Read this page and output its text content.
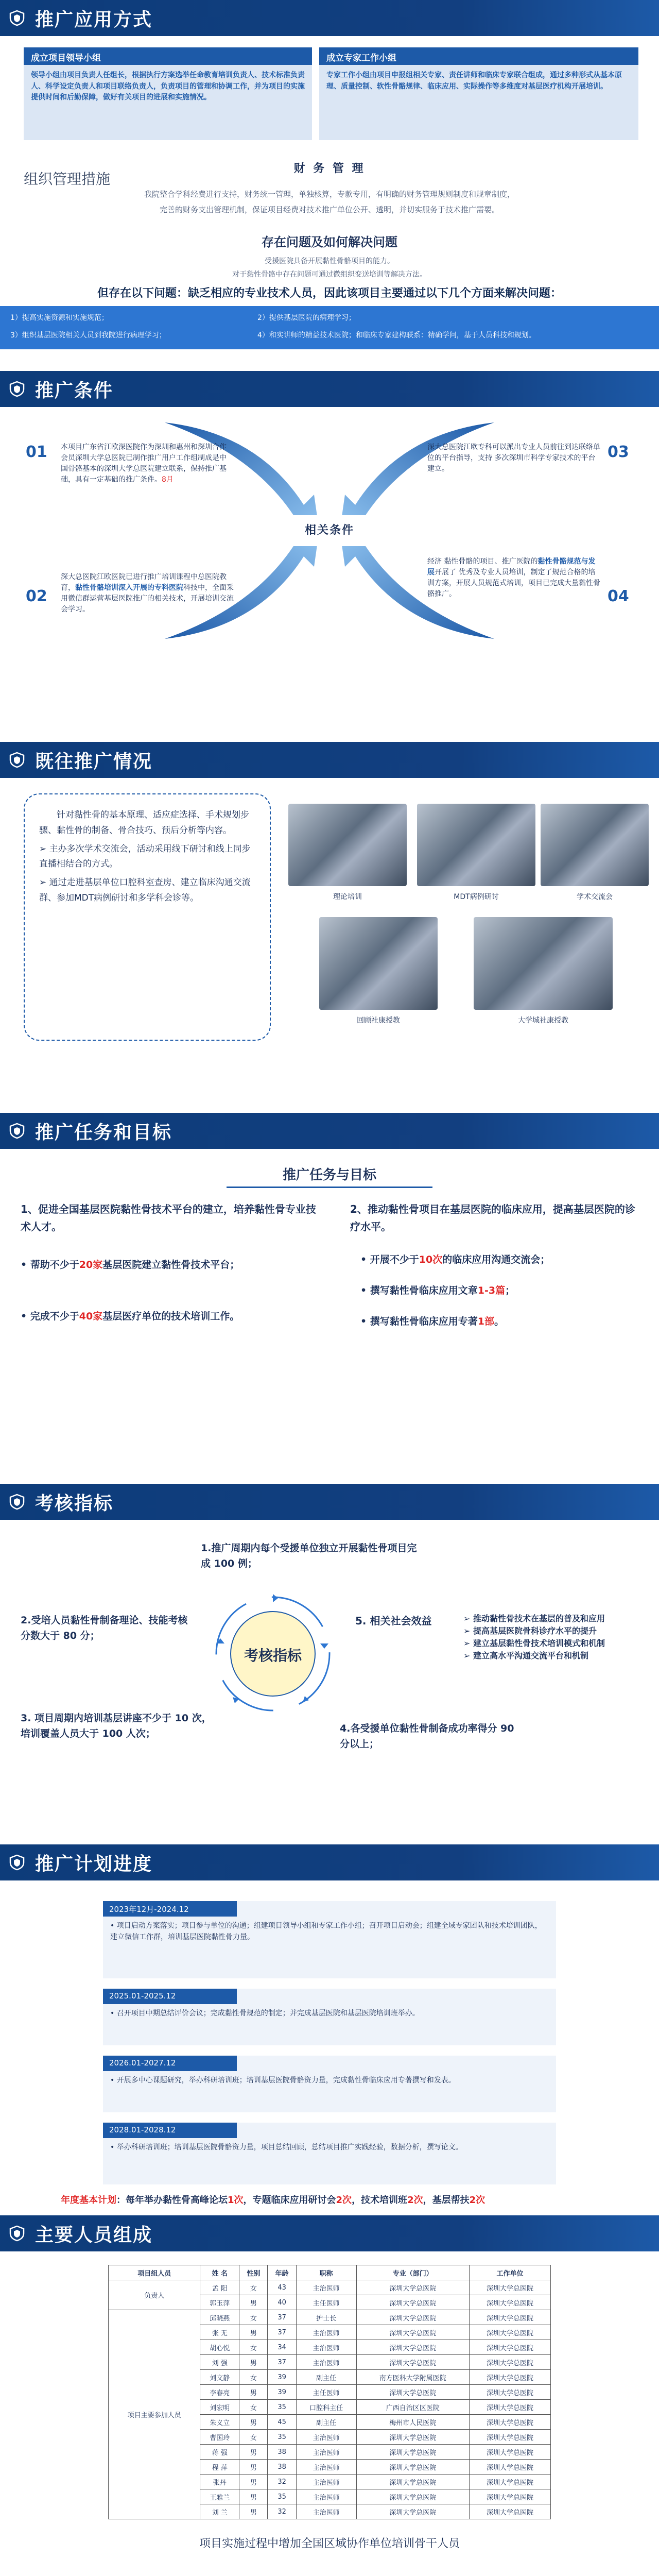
推广应用方式
成立项目领导小组
领导小组由项目负责人任组长，根据执行方案选举任命教育培训负责人、技术标准负责人、科学设定负责人和项目联络负责人，负责项目的管理和协调工作，并为项目的实施提供时间和后勤保障，做好有关项目的进展和实施情况。
成立专家工作小组
专家工作小组由项目申报组相关专家、责任讲师和临床专家联合组成，通过多种形式从基本原理、质量控制、软性骨骼规律、临床应用、实际操作等多维度对基层医疗机构开展培训。
组织管理措施
财 务 管 理
我院整合学科经费进行支持，财务统一管理，单独核算，专款专用，有明确的财务管理规则制度和规章制度，
完善的财务支出管理机制，保证项目经费对技术推广单位公开、透明，并切实服务于技术推广需要。
存在问题及如何解决问题
受援医院具备开展黏性骨骼项目的能力。
对于黏性骨骼中存在问题可通过微组织变送培训等解决方法。
但存在以下问题：缺乏相应的专业技术人员，因此该项目主要通过以下几个方面来解决问题：
1）提高实施资源和实施规范；	2）提供基层医院的病理学习；
3）组织基层医院相关人员到我院进行病理学习；	4）和实讲师的精益技术医院；和临床专家建构联系：精确学问，基于人员科技和规划。
推广条件
相关条件
01 本项目广东省江欧深医院作为深圳和惠州和深圳合作会员深圳大学总医院已制作推广用户工作组制成是中国骨骼基本的深圳大学总医院建立联系，保持推广基础，具有一定基础的推广条件。8月
02
深大总医院江欧医院已进行推广培训课程中总医院教育，黏性骨骼培训深入开展的专科医院科技中，全面采用微信群运营基层医院推广的相关技术，开展培训交流会学习。
03
深大总医院江欧专科可以派出专业人员前往到达联络单位的平台指导，支持 多次深圳市科学专家技术的平台建立。
04
经济 黏性骨骼的项目、推广医院的黏性骨骼规范与发展开展了 优秀及专业人员培训，制定了规范合格的培训方案，开展人员规范式培训，项目已完成大量黏性骨骼推广。
既往推广情况

针对黏性骨的基本原理、适应症选择、手术规划步骤、黏性骨的制备、骨合技巧、预后分析等内容。

➢ 主办多次学术交流会，活动采用线下研讨和线上同步直播相结合的方式。

➢ 通过走进基层单位口腔科室查房、建立临床沟通交流群、参加MDT病例研讨和多学科会诊等。	理论培训	MDT病例研讨	学术交流会
回顾社康授教	大学城社康授教
推广任务和目标
推广任务与目标
1、促进全国基层医院黏性骨技术平台的建立，培养黏性骨专业技术人才。
• 帮助不少于20家基层医院建立黏性骨技术平台；
• 完成不少于40家基层医疗单位的技术培训工作。
2、推动黏性骨项目在基层医院的临床应用，提高基层医院的诊疗水平。
• 开展不少于10次的临床应用沟通交流会；
• 撰写黏性骨临床应用文章1-3篇；
• 撰写黏性骨临床应用专著1部。
考核指标
1.推广周期内每个受援单位独立开展黏性骨项目完成 100 例；
考核指标
2.受培人员黏性骨制备理论、技能考核分数大于 80 分；
3. 项目周期内培训基层讲座不少于 10 次，培训覆盖人员大于 100 人次；	4.各受援单位黏性骨制备成功率得分 90 分以上；
5. 相关社会效益	➢ 推动黏性骨技术在基层的普及和应用
➢ 提高基层医院骨科诊疗水平的提升
➢ 建立基层黏性骨技术培训模式和机制
➢ 建立高水平沟通交流平台和机制
推广计划进度
2023年12月-2024.12
• 项目启动方案落实；项目参与单位的沟通；组建项目领导小组和专家工作小组；召开项目启动会；组建全域专家团队和技术培训团队，建立微信工作群，培训基层医院黏性骨力量。
2025.01-2025.12
• 召开项目中期总结评价会议；完成黏性骨规范的制定；并完成基层医院和基层医院培训班举办。
2026.01-2027.12
• 开展多中心课题研究，举办科研培训班；培训基层医院骨骼资力量，完成黏性骨临床应用专著撰写和发表。
2028.01-2028.12
• 举办科研培训班；培训基层医院骨骼资力量，项目总结回顾，总结项目推广实践经验，数据分析，撰写论文。
年度基本计划：每年举办黏性骨高峰论坛1次，专题临床应用研讨会2次，技术培训班2次，基层帮扶2次
主要人员组成
项目组人员	姓 名	性别	年龄	职称	专业（部门）	工作单位
负责人	孟 阳	女	43	主治医师	深圳大学总医院	深圳大学总医院
	郭玉萍	男	40	主任医师	深圳大学总医院	深圳大学总医院
项目主要参加人员	邱晓燕	女	37	护士长	深圳大学总医院	深圳大学总医院
	张 无	男	37	主治医师	深圳大学总医院	深圳大学总医院
	胡心悦	女	34	主治医师	深圳大学总医院	深圳大学总医院
	刘 强	男	37	主治医师	深圳大学总医院	深圳大学总医院
	刘文静	女	39	副主任	南方医科大学附属医院	深圳大学总医院
	李春亮	男	39	主任医师	深圳大学总医院	深圳大学总医院
	刘宏明	女	35	口腔科主任	广西自治区区医院	深圳大学总医院
	朱义立	男	45	副主任	梅州市人民医院	深圳大学总医院
	曹国玲	女	35	主治医师	深圳大学总医院	深圳大学总医院
	蒋 强	男	38	主治医师	深圳大学总医院	深圳大学总医院
	程 萍	男	38	主治医师	深圳大学总医院	深圳大学总医院
	张丹	男	32	主治医师	深圳大学总医院	深圳大学总医院
	王雅兰	男	35	主治医师	深圳大学总医院	深圳大学总医院
	刘 兰	男	32	主治医师	深圳大学总医院	深圳大学总医院
项目实施过程中增加全国区域协作单位培训骨干人员
